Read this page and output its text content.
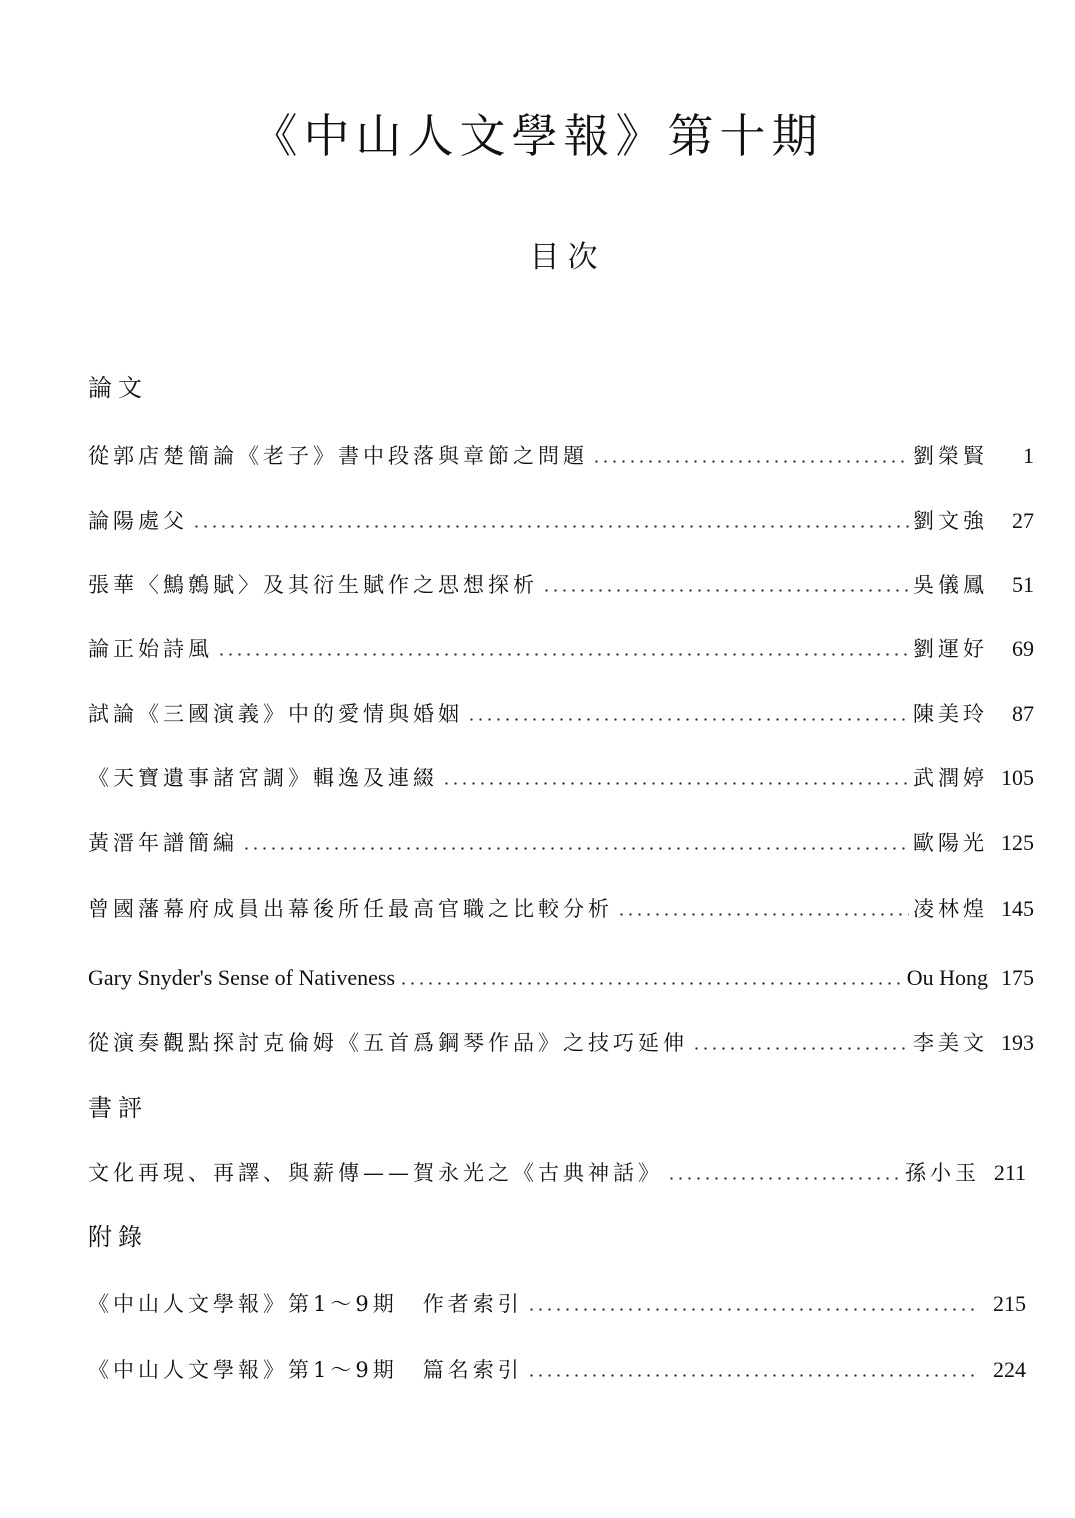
《中山人文學報》第十期
目次
論文
從郭店楚簡論《老子》書中段落與章節之問題	劉榮賢	1
論陽處父	劉文強	27
張華〈鷦鷯賦〉及其衍生賦作之思想探析	吳儀鳳	51
論正始詩風	劉運好	69
試論《三國演義》中的愛情與婚姻	陳美玲	87
《天寶遺事諸宮調》輯逸及連綴	武潤婷 105
黃溍年譜簡編	歐陽光 125
曾國藩幕府成員出幕後所任最高官職之比較分析	凌林煌 145
Gary Snyder's Sense of Nativeness	Ou Hong 175
從演奏觀點探討克倫姆《五首爲鋼琴作品》之技巧延伸	李美文 193
書評
文化再現、再譯、與薪傳——賀永光之《古典神話》	孫小玉 211
附錄
《中山人文學報》第1～9期　作者索引	215
《中山人文學報》第1～9期　篇名索引	224
